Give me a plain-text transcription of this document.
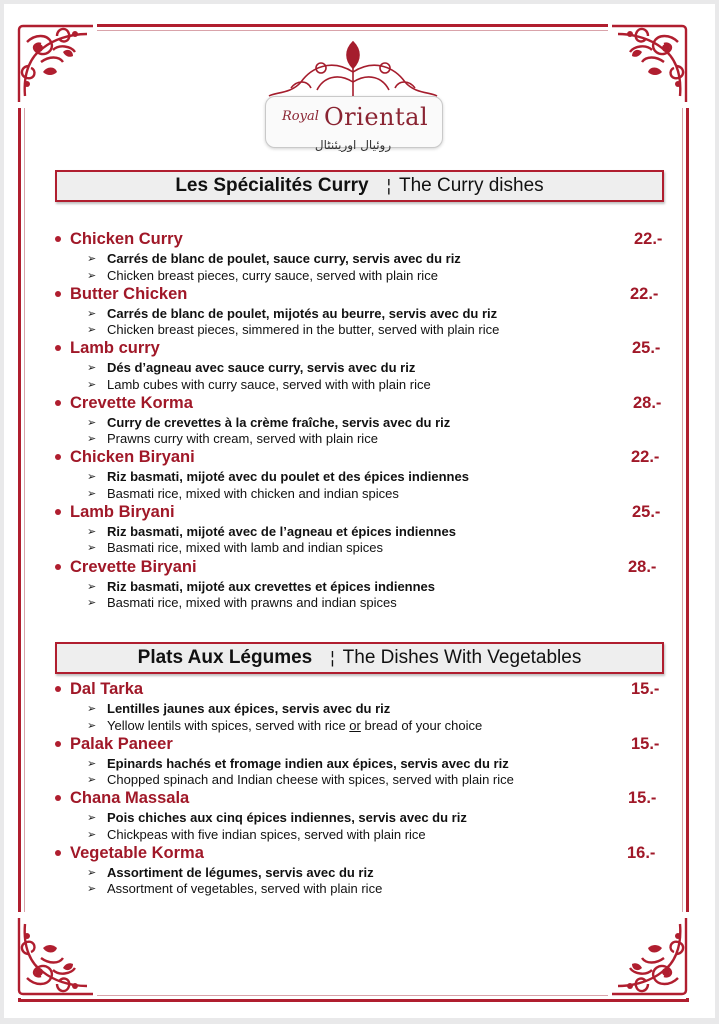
Royal Oriental
روئیال اوریئنٹال
Les Spécialités Curry ¦ The Curry dishes
Chicken Curry	22.-
➢ Carrés de blanc de poulet, sauce curry, servis avec du riz
➢ Chicken breast pieces, curry sauce, served with plain rice
Butter Chicken	22.-
➢ Carrés de blanc de poulet, mijotés au beurre, servis avec du riz
➢ Chicken breast pieces, simmered in the butter, served with plain rice
Lamb curry	25.-
➢ Dés d’agneau avec sauce curry, servis avec du riz
➢ Lamb cubes with curry sauce, served with with plain rice
Crevette Korma	28.-
➢ Curry de crevettes à la crème fraîche, servis avec du riz
➢ Prawns curry with cream, served with plain rice
Chicken Biryani	22.-
➢ Riz basmati, mijoté avec du poulet et des épices indiennes
➢ Basmati rice, mixed with chicken and indian spices
Lamb Biryani	25.-
➢ Riz basmati, mijoté avec de l’agneau et épices indiennes
➢ Basmati rice, mixed with lamb and indian spices
Crevette Biryani	28.-
➢ Riz basmati, mijoté aux crevettes et épices indiennes
➢ Basmati rice, mixed with prawns and indian spices
Plats Aux Légumes ¦ The Dishes With Vegetables
Dal Tarka	15.-
➢ Lentilles jaunes aux épices, servis avec du riz
➢ Yellow lentils with spices, served with rice or bread of your choice
Palak Paneer	15.-
➢ Epinards hachés et fromage indien aux épices, servis avec du riz
➢ Chopped spinach and Indian cheese with spices, served with plain rice
Chana Massala	15.-
➢ Pois chiches aux cinq épices indiennes, servis avec du riz
➢ Chickpeas with five indian spices, served with plain rice
Vegetable Korma	16.-
➢ Assortiment de légumes, servis avec du riz
➢ Assortment of vegetables, served with plain rice
